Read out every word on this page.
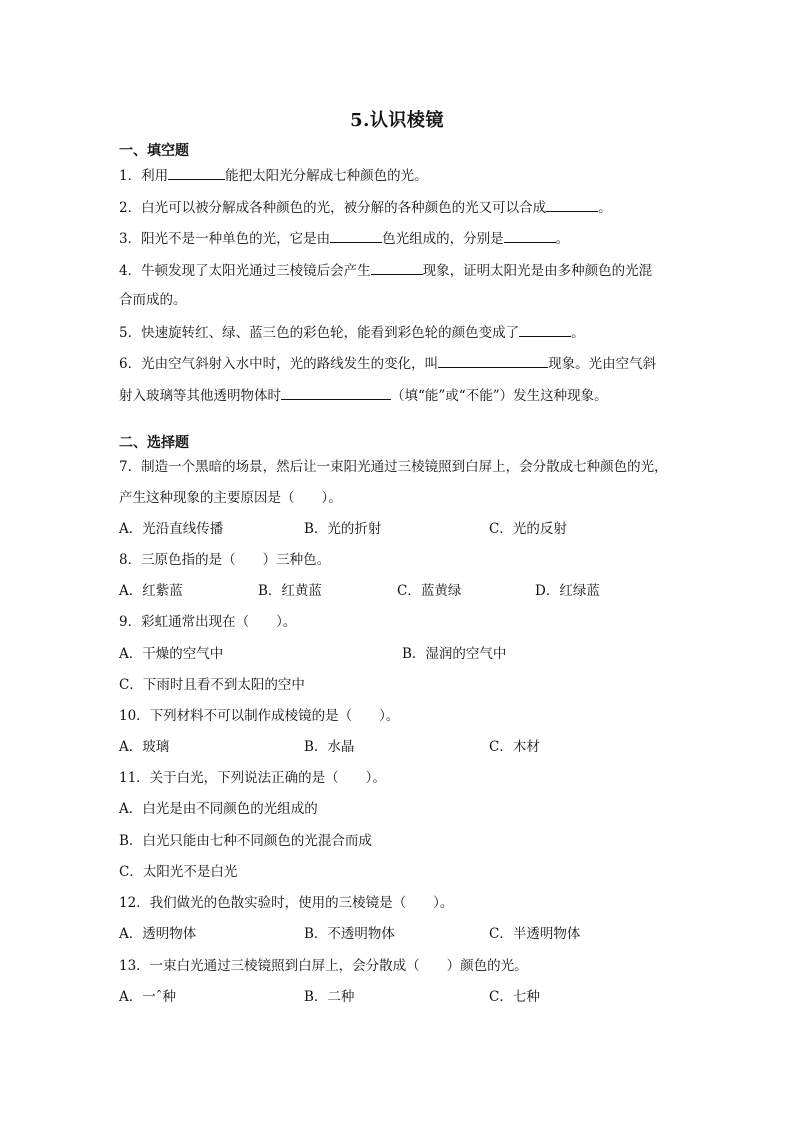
5.认识棱镜
一、填空题
1．利用	能把太阳光分解成七种颜色的光。
2．白光可以被分解成各种颜色的光，被分解的各种颜色的光又可以合成	。
3．阳光不是一种单色的光，它是由	色光组成的，分别是	。
4．牛顿发现了太阳光通过三棱镜后会产生	现象，证明太阳光是由多种颜色的光混
合而成的。
5．快速旋转红、绿、蓝三色的彩色轮，能看到彩色轮的颜色变成了	。
6．光由空气斜射入水中时，光的路线发生的变化，叫	现象。光由空气斜
射入玻璃等其他透明物体时	（填“能”或“不能”）发生这种现象。
二、选择题
7．制造一个黑暗的场景，然后让一束阳光通过三棱镜照到白屏上，会分散成七种颜色的光，
产生这种现象的主要原因是（　　）。
A．光沿直线传播	B．光的折射	C．光的反射
8．三原色指的是（　　）三种色。
A．红紫蓝	B．红黄蓝	C．蓝黄绿	D．红绿蓝
9．彩虹通常出现在（　　）。
A．干燥的空气中	B．湿润的空气中
C．下雨时且看不到太阳的空中
10．下列材料不可以制作成棱镜的是（　　）。
A．玻璃	B．水晶	C．木材
11．关于白光，下列说法正确的是（　　）。
A．白光是由不同颜色的光组成的
B．白光只能由七种不同颜色的光混合而成
C．太阳光不是白光
12．我们做光的色散实验时，使用的三棱镜是（　　）。
A．透明物体	B．不透明物体	C．半透明物体
13．一束白光通过三棱镜照到白屏上，会分散成（　　）颜色的光。
A．一ˆ种	B．二种	C．七种
